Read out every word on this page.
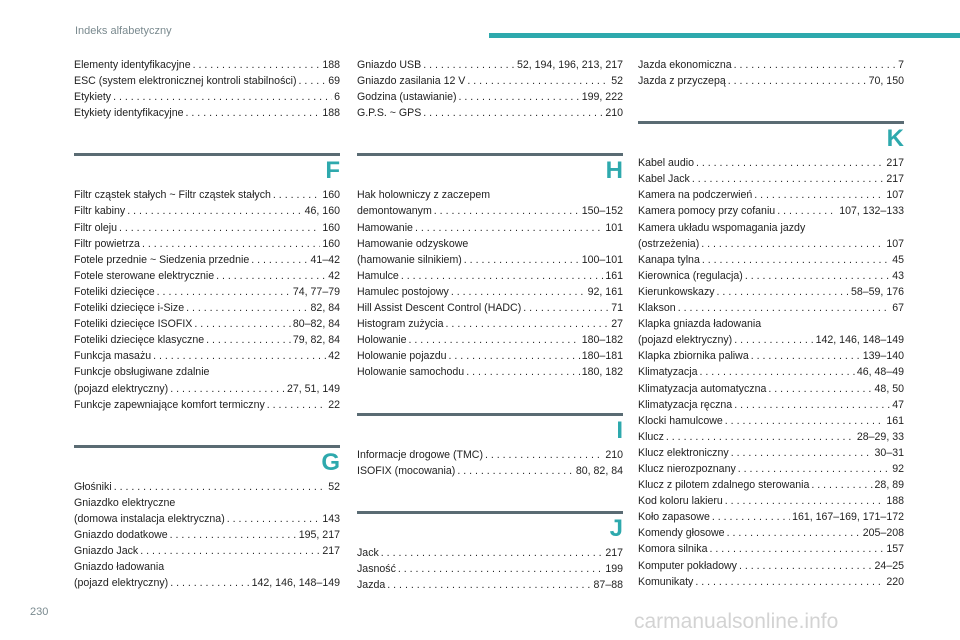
Indeks alfabetyczny
Elementy identyfikacyjne . . .	188
ESC (system elektronicznej kontroli stabilności) . . .	69
Etykiety . . .	6
Etykiety identyfikacyjne . . .	188
F
Filtr cząstek stałych ~ Filtr cząstek stałych . . .	160
Filtr kabiny . . .	46, 160
Filtr oleju . . .	160
Filtr powietrza . . .	160
Fotele przednie ~ Siedzenia przednie . . .	41–42
Fotele sterowane elektrycznie . . .	42
Foteliki dziecięce . . .	74, 77–79
Foteliki dziecięce i-Size . . .	82, 84
Foteliki dziecięce ISOFIX . . .	80–82, 84
Foteliki dziecięce klasyczne . . .	79, 82, 84
Funkcja masażu . . .	42
Funkcje obsługiwane zdalnie
(pojazd elektryczny) . . .	27, 51, 149
Funkcje zapewniające komfort termiczny . . .	22
G
Głośniki . . .	52
Gniazdko elektryczne
(domowa instalacja elektryczna) . . .	143
Gniazdo dodatkowe . . .	195, 217
Gniazdo Jack . . .	217
Gniazdo ładowania
(pojazd elektryczny) . . .	142, 146, 148–149
Gniazdo USB . . .	52, 194, 196, 213, 217
Gniazdo zasilania 12 V . . .	52
Godzina (ustawianie) . . .	199, 222
G.P.S. ~ GPS . . .	210
H
Hak holowniczy z zaczepem
demontowanym . . .	150–152
Hamowanie . . .	101
Hamowanie odzyskowe
(hamowanie silnikiem) . . .	100–101
Hamulce . . .	161
Hamulec postojowy . . .	92, 161
Hill Assist Descent Control (HADC) . . .	71
Histogram zużycia . . .	27
Holowanie . . .	180–182
Holowanie pojazdu . . .	180–181
Holowanie samochodu . . .	180, 182
I
Informacje drogowe (TMC) . . .	210
ISOFIX (mocowania) . . .	80, 82, 84
J
Jack . . .	217
Jasność . . .	199
Jazda . . .	87–88
Jazda ekonomiczna . . .	7
Jazda z przyczepą . . .	70, 150
K
Kabel audio . . .	217
Kabel Jack . . .	217
Kamera na podczerwień . . .	107
Kamera pomocy przy cofaniu . . .	107, 132–133
Kamera układu wspomagania jazdy
(ostrzeżenia) . . .	107
Kanapa tylna . . .	45
Kierownica (regulacja) . . .	43
Kierunkowskazy . . .	58–59, 176
Klakson . . .	67
Klapka gniazda ładowania
(pojazd elektryczny) . . .	142, 146, 148–149
Klapka zbiornika paliwa . . .	139–140
Klimatyzacja . . .	46, 48–49
Klimatyzacja automatyczna . . .	48, 50
Klimatyzacja ręczna . . .	47
Klocki hamulcowe . . .	161
Klucz . . .	28–29, 33
Klucz elektroniczny . . .	30–31
Klucz nierozpoznany . . .	92
Klucz z pilotem zdalnego sterowania . . .	28, 89
Kod koloru lakieru . . .	188
Koło zapasowe . . .	161, 167–169, 171–172
Komendy głosowe . . .	205–208
Komora silnika . . .	157
Komputer pokładowy . . .	24–25
Komunikaty . . .	220
230	carmanualsonline.info
